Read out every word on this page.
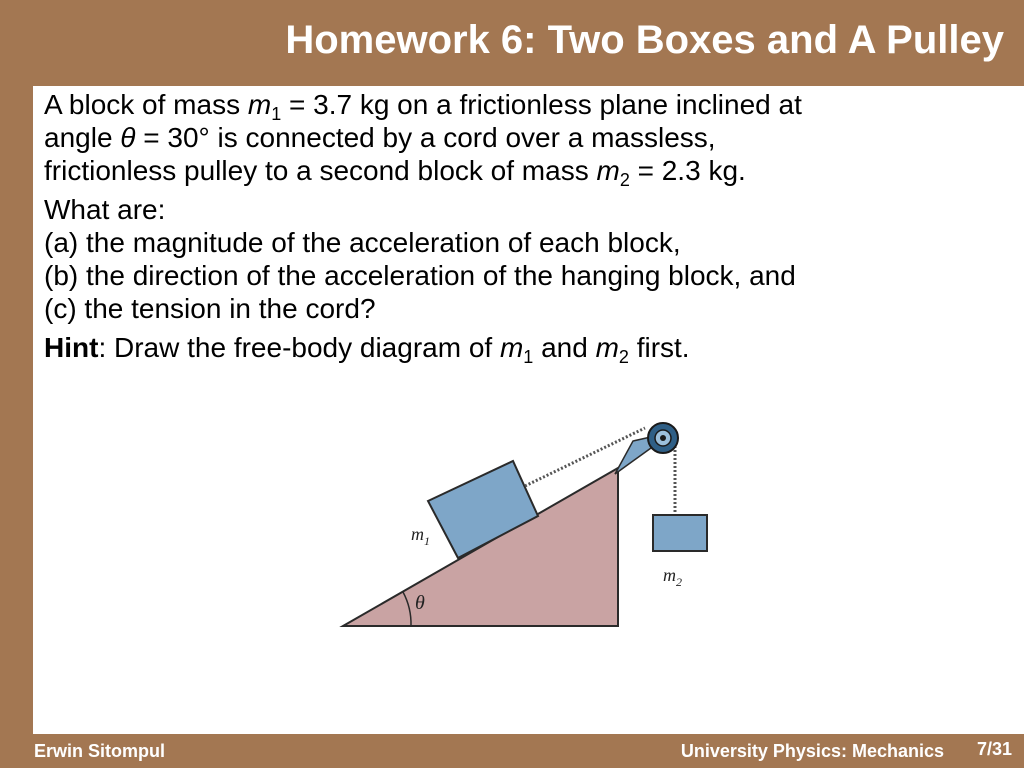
Homework 6: Two Boxes and A Pulley

A block of mass $m_1 = 3.7$ kg on a frictionless plane inclined at
angle θ = 30° is connected by a cord over a massless,
frictionless pulley to a second block of mass $m_2 = 2.3$ kg.

What are:
(a) the magnitude of the acceleration of each block,
(b) the direction of the acceleration of the hanging block, and
(c) the tension in the cord?

Hint: Draw the free-body diagram of $m_1$ and $m_2$ first.

θ
$m_1$
$m_2$
Erwin Sitompul	University Physics: Mechanics 7/31
